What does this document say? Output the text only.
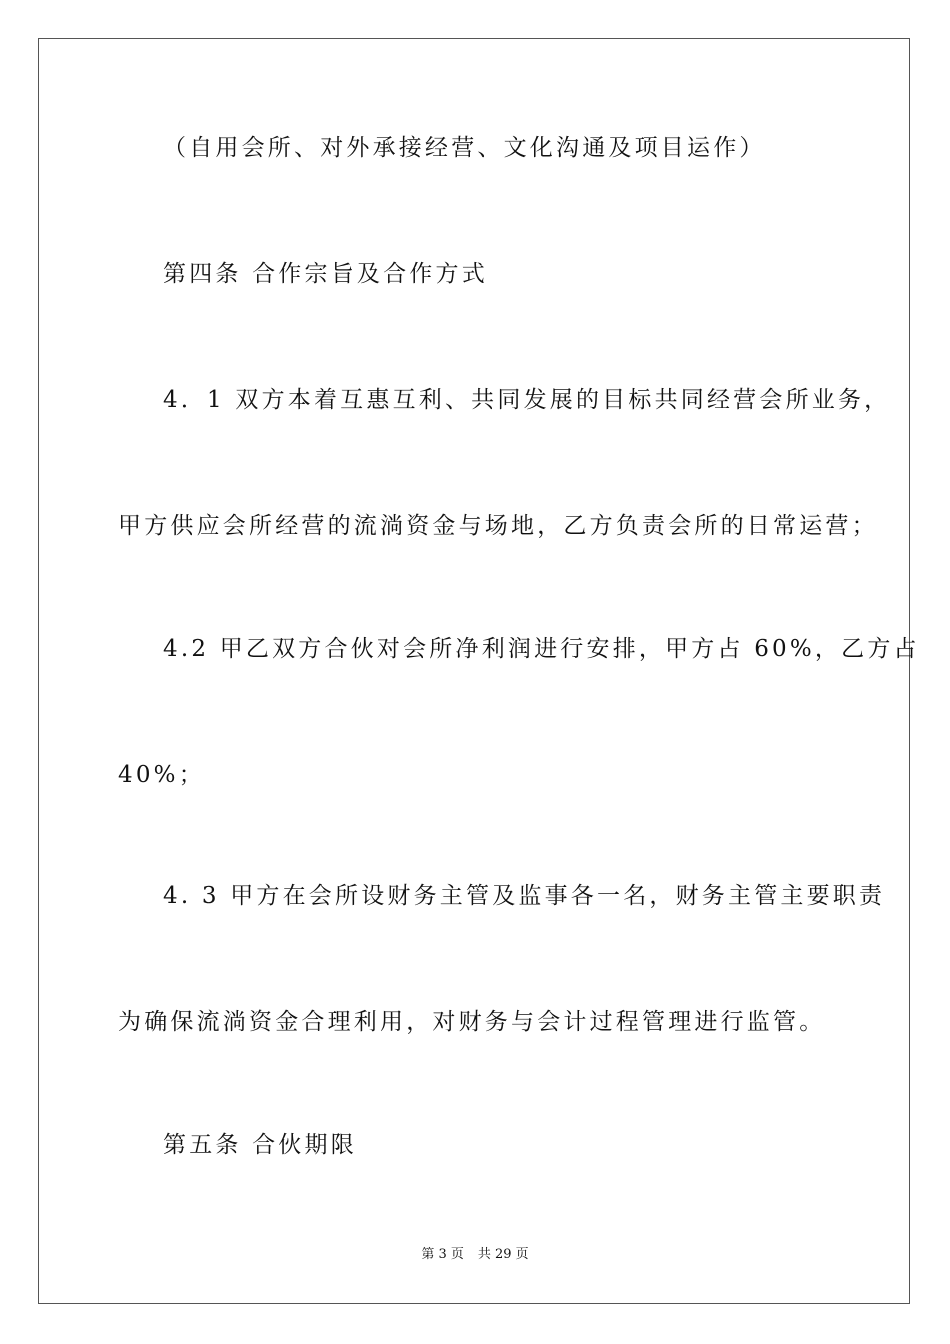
（自用会所、对外承接经营、文化沟通及项目运作）
第四条 合作宗旨及合作方式
4．1 双方本着互惠互利、共同发展的目标共同经营会所业务，
甲方供应会所经营的流淌资金与场地，乙方负责会所的日常运营；
4.2 甲乙双方合伙对会所净利润进行安排，甲方占 60%，乙方占
40%；
4. 3 甲方在会所设财务主管及监事各一名，财务主管主要职责
为确保流淌资金合理利用，对财务与会计过程管理进行监管。
第五条 合伙期限
第 3 页 共 29 页
